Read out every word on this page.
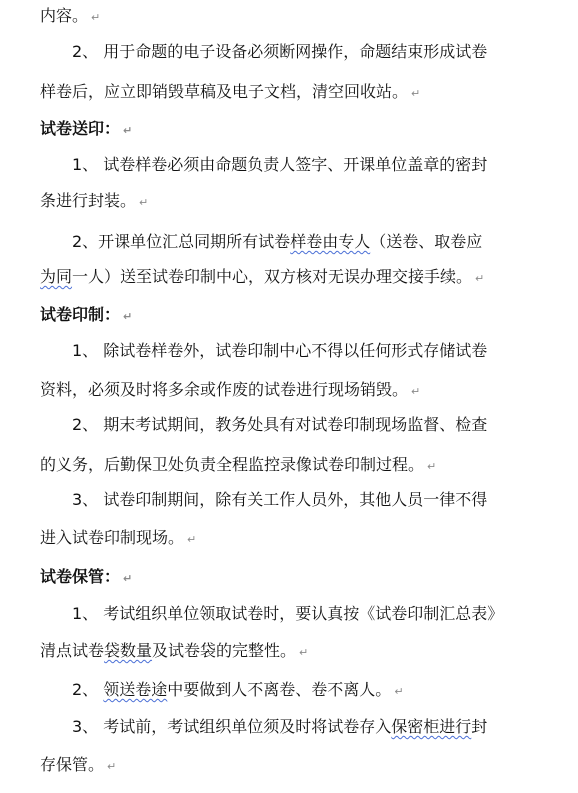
内容。 ↵
2、 用于命题的电子设备必须断网操作，命题结束形成试卷
样卷后，应立即销毁草稿及电子文档，清空回收站。 ↵
试卷送印： ↵
1、 试卷样卷必须由命题负责人签字、开课单位盖章的密封
条进行封装。 ↵
2、开课单位汇总同期所有试卷样卷由专人（送卷、取卷应
为同一人）送至试卷印制中心，双方核对无误办理交接手续。 ↵
试卷印制： ↵
1、 除试卷样卷外，试卷印制中心不得以任何形式存储试卷
资料，必须及时将多余或作废的试卷进行现场销毁。 ↵
2、 期末考试期间，教务处具有对试卷印制现场监督、检查
的义务，后勤保卫处负责全程监控录像试卷印制过程。 ↵
3、 试卷印制期间，除有关工作人员外，其他人员一律不得
进入试卷印制现场。 ↵
试卷保管： ↵
1、 考试组织单位领取试卷时，要认真按《试卷印制汇总表》
清点试卷袋数量及试卷袋的完整性。 ↵
2、 领送卷途中要做到人不离卷、卷不离人。 ↵
3、 考试前，考试组织单位须及时将试卷存入保密柜进行封
存保管。 ↵
